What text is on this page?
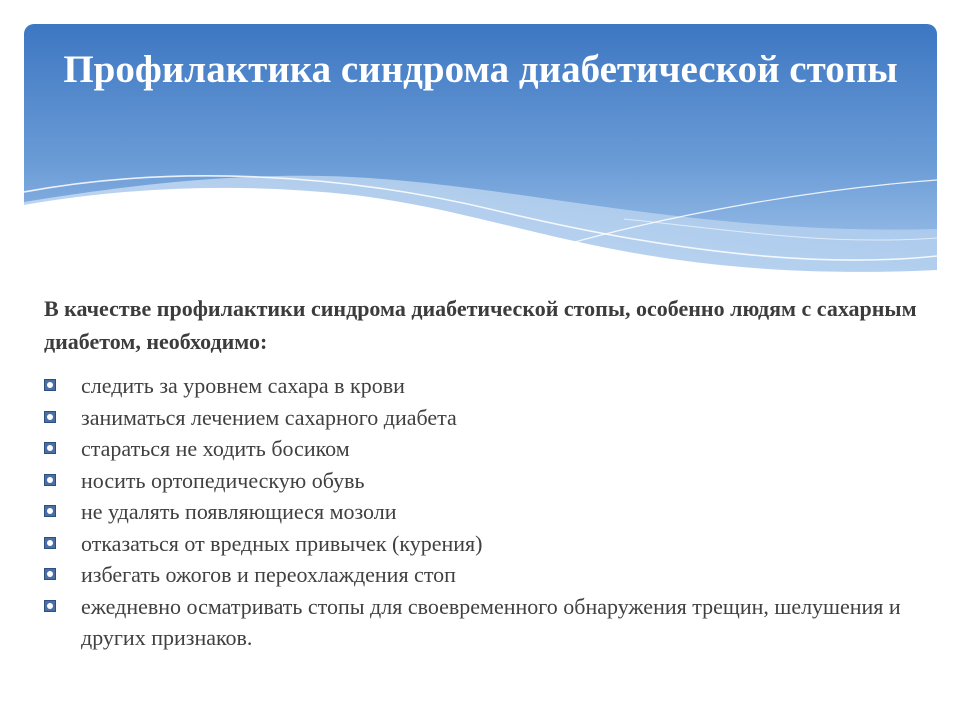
Профилактика синдрома диабетической стопы

В качестве профилактики синдрома диабетической стопы, особенно людям с сахарным диабетом, необходимо:

следить за уровнем сахара в крови
заниматься лечением сахарного диабета
стараться не ходить босиком
носить ортопедическую обувь
не удалять появляющиеся мозоли
отказаться от вредных привычек (курения)
избегать ожогов и переохлаждения стоп
ежедневно осматривать стопы для своевременного обнаружения трещин, шелушения и других признаков.
